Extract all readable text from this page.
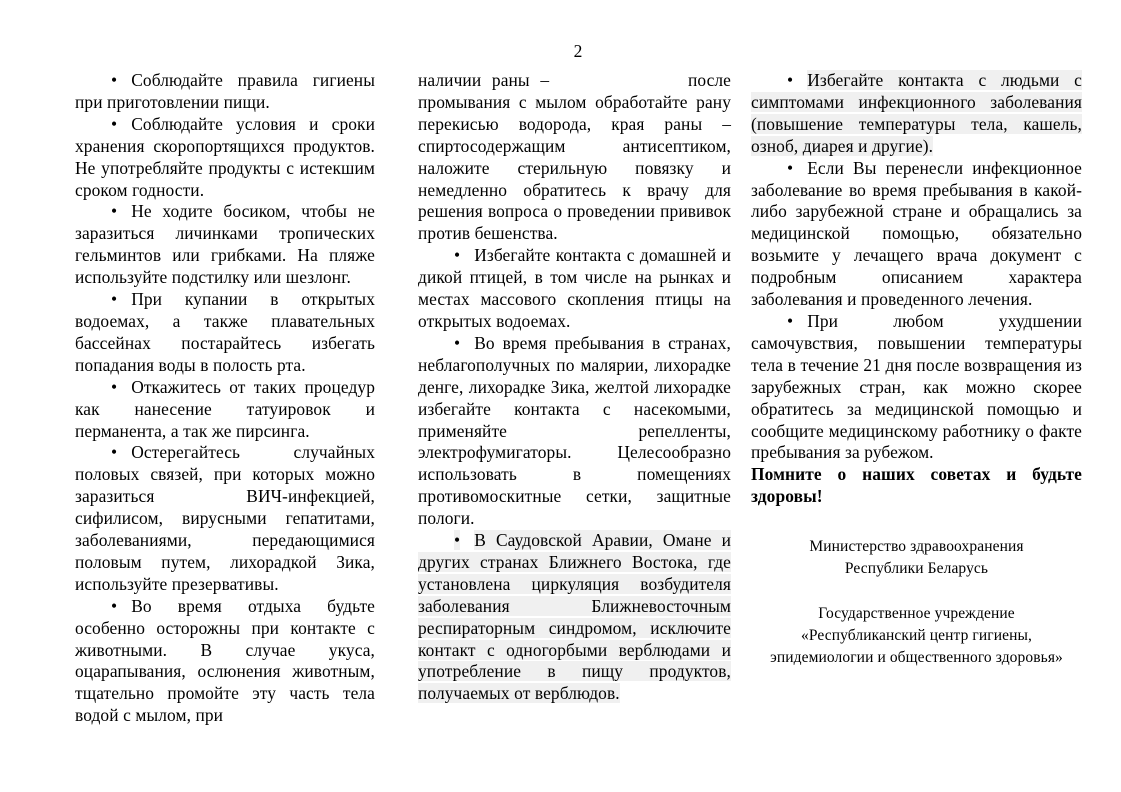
2

• Соблюдайте правила гигиены при приготовлении пищи.

• Соблюдайте условия и сроки хранения скоропортящихся продуктов. Не употребляйте продукты с истекшим сроком годности.

• Не ходите босиком, чтобы не заразиться личинками тропических гельминтов или грибками. На пляже используйте подстилку или шезлонг.

• При купании в открытых водоемах, а также плавательных бассейнах постарайтесь избегать попадания воды в полость рта.

• Откажитесь от таких процедур как нанесение татуировок и перманента, а так же пирсинга.

• Остерегайтесь случайных половых связей, при которых можно заразиться ВИЧ-инфекцией, сифилисом, вирусными гепатитами, заболеваниями, передающимися половым путем, лихорадкой Зика, используйте презервативы.

• Во время отдыха будьте особенно осторожны при контакте с животными. В случае укуса, оцарапывания, ослюнения животным, тщательно промойте эту часть тела водой с мылом, при

наличии раны –             после промывания с мылом обработайте рану перекисью водорода, края раны – спиртосодержащим антисептиком, наложите стерильную повязку и немедленно обратитесь к врачу для решения вопроса о проведении прививок против бешенства.

• Избегайте контакта с домашней и дикой птицей, в том числе на рынках и местах массового скопления птицы на открытых водоемах.

• Во время пребывания в странах, неблагополучных по малярии, лихорадке денге, лихорадке Зика, желтой лихорадке избегайте контакта с насекомыми, применяйте репелленты, электрофумигаторы. Целесообразно использовать в помещениях противомоскитные сетки, защитные пологи.

• В Саудовской Аравии, Омане и других странах Ближнего Востока, где установлена циркуляция возбудителя заболевания Ближневосточным респираторным синдромом, исключите контакт с одногорбыми верблюдами и употребление в пищу продуктов, получаемых от верблюдов.

• Избегайте контакта с людьми с симптомами инфекционного заболевания (повышение температуры тела, кашель, озноб, диарея и другие).

• Если Вы перенесли инфекционное заболевание во время пребывания в какой-либо зарубежной стране и обращались за медицинской помощью, обязательно возьмите у лечащего врача документ с подробным описанием характера заболевания и проведенного лечения.

• При любом ухудшении самочувствия, повышении температуры тела в течение 21 дня после возвращения из зарубежных стран, как можно скорее обратитесь за медицинской помощью и сообщите медицинскому работнику о факте пребывания за рубежом.

Помните о наших советах и будьте здоровы!

Министерство здравоохранения
Республики Беларусь
Государственное учреждение
«Республиканский центр гигиены,
эпидемиологии и общественного здоровья»
